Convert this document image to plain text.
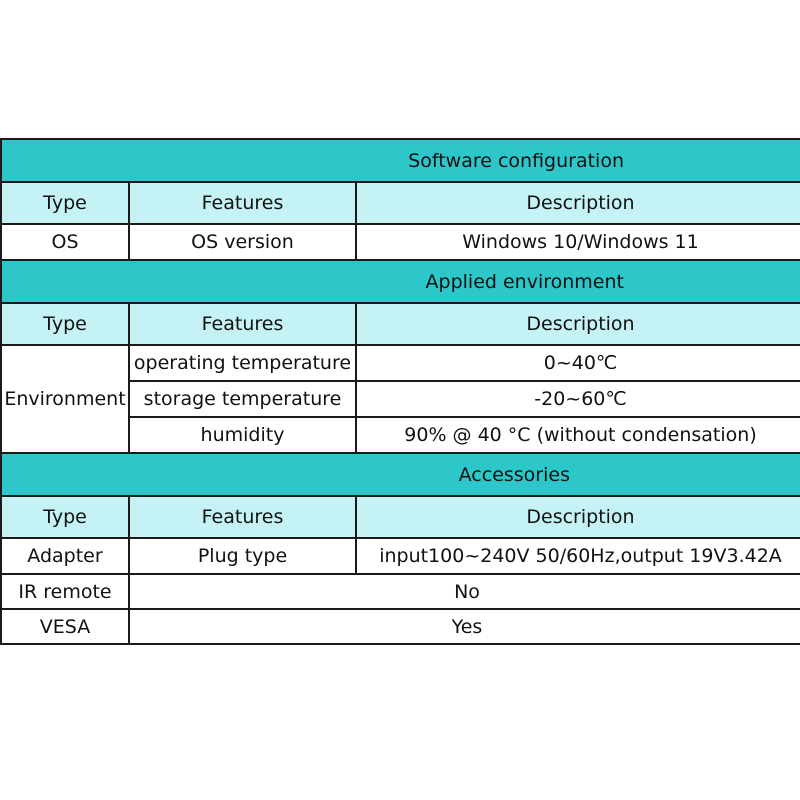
Software configuration		
Type	Features	Description
OS	OS version	Windows 10/Windows 11
Applied environment		
Type	Features	Description
Environment	operating temperature	0~40℃
	storage temperature	-20~60℃
	humidity	90% @ 40 °C (without condensation)
Accessories		
Type	Features	Description
Adapter	Plug type	input100~240V 50/60Hz,output 19V3.42A
IR remote	No	
VESA	Yes	
